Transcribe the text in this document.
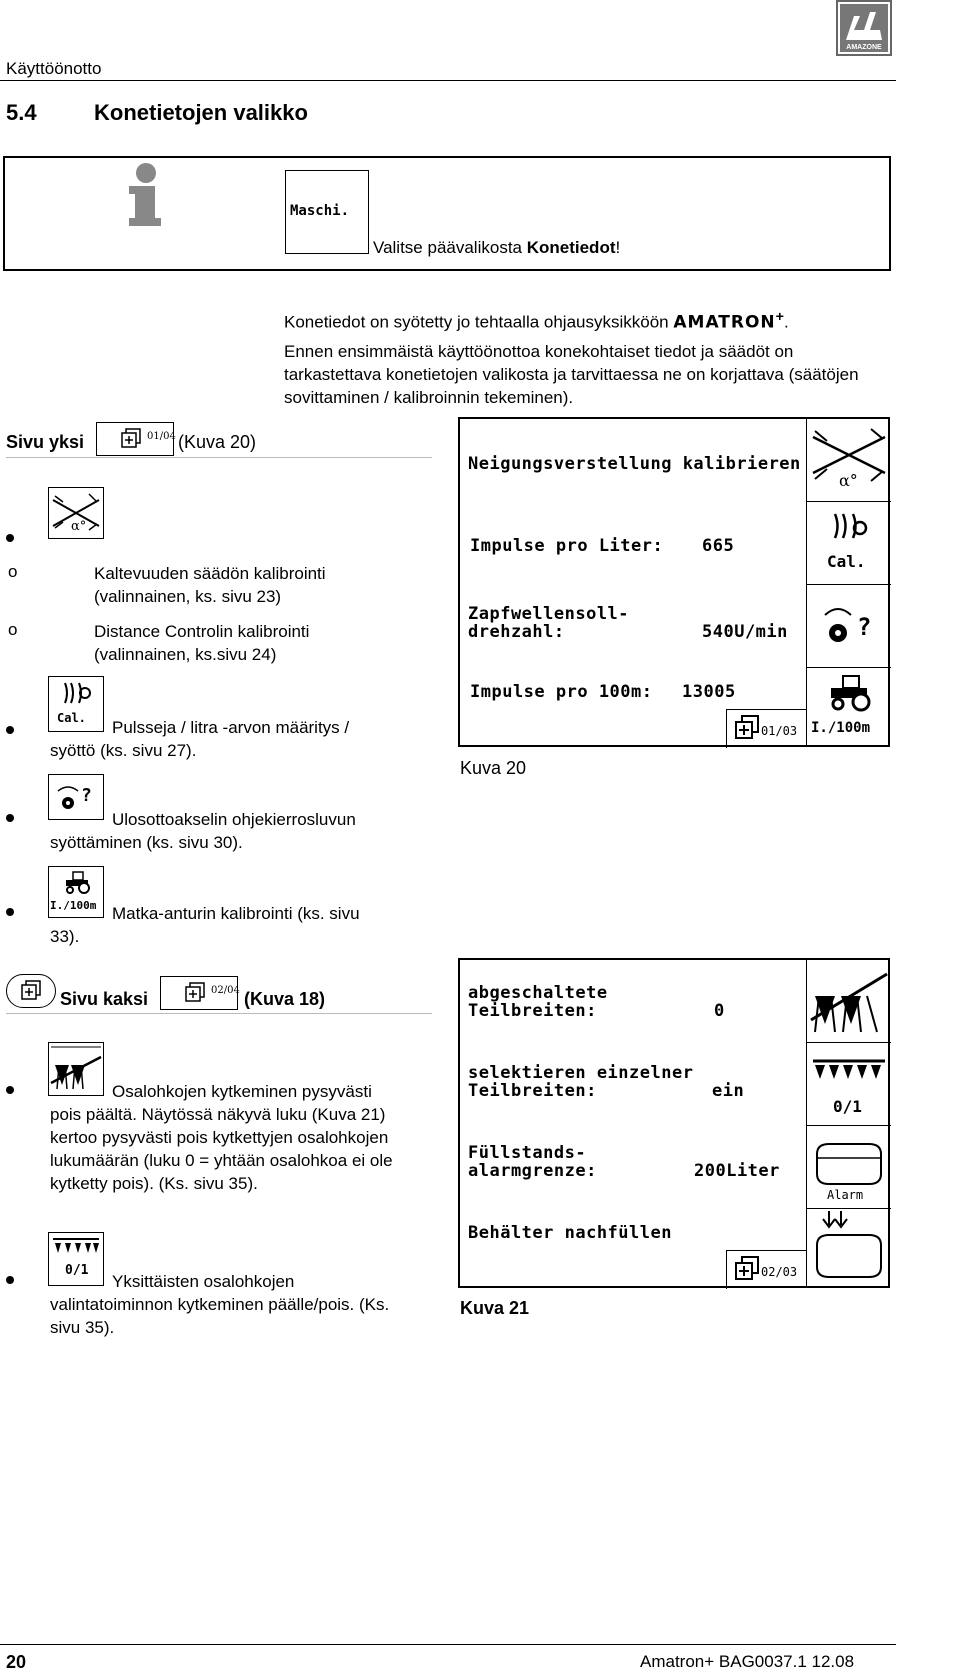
Käyttöönotto
AMAZONE
5.4	Konetietojen valikko
Maschi.
Valitse päävalikosta Konetiedot!
Konetiedot on syötetty jo tehtaalla ohjausyksikköön AMATRON+.
Ennen ensimmäistä käyttöönottoa konekohtaiset tiedot ja säädöt on tarkastettava konetietojen valikosta ja tarvittaessa ne on korjattava (säätöjen sovittaminen / kalibroinnin tekeminen).
Sivu yksi	01/04 (Kuva 20)
α°
o	Kaltevuuden säädön kalibrointi (valinnainen, ks. sivu 23)
o	Distance Controlin kalibrointi (valinnainen, ks.sivu 24)
Cal. Pulsseja / litra -arvon määritys /
syöttö (ks. sivu 27).
?
Ulosottoakselin ohjekierrosluvun
syöttäminen (ks. sivu 30).
I./100m Matka-anturin kalibrointi (ks. sivu
33).
Neigungsverstellung kalibrieren
α°
Cal.
?
I./100m
Impulse pro Liter: 665
Zapfwellensoll-
drehzahl:	540U/min
Impulse pro 100m: 13005
01/03
Kuva 20
Sivu kaksi	02/04 (Kuva 18)
Osalohkojen kytkeminen pysyvästi
pois päältä. Näytössä näkyvä luku (Kuva 21) kertoo pysyvästi pois kytkettyjen osalohkojen lukumäärän (luku 0 = yhtään osalohkoa ei ole kytketty pois). (Ks. sivu 35).
0/1
Yksittäisten osalohkojen
valintatoiminnon kytkeminen päälle/pois. (Ks. sivu 35).
0/1
Alarm
abgeschaltete
Teilbreiten:	0
selektieren einzelner
Teilbreiten:	ein
Füllstands-
alarmgrenze:	200Liter
Behälter nachfüllen
02/03
Kuva 21
20	Amatron+ BAG0037.1 12.08
